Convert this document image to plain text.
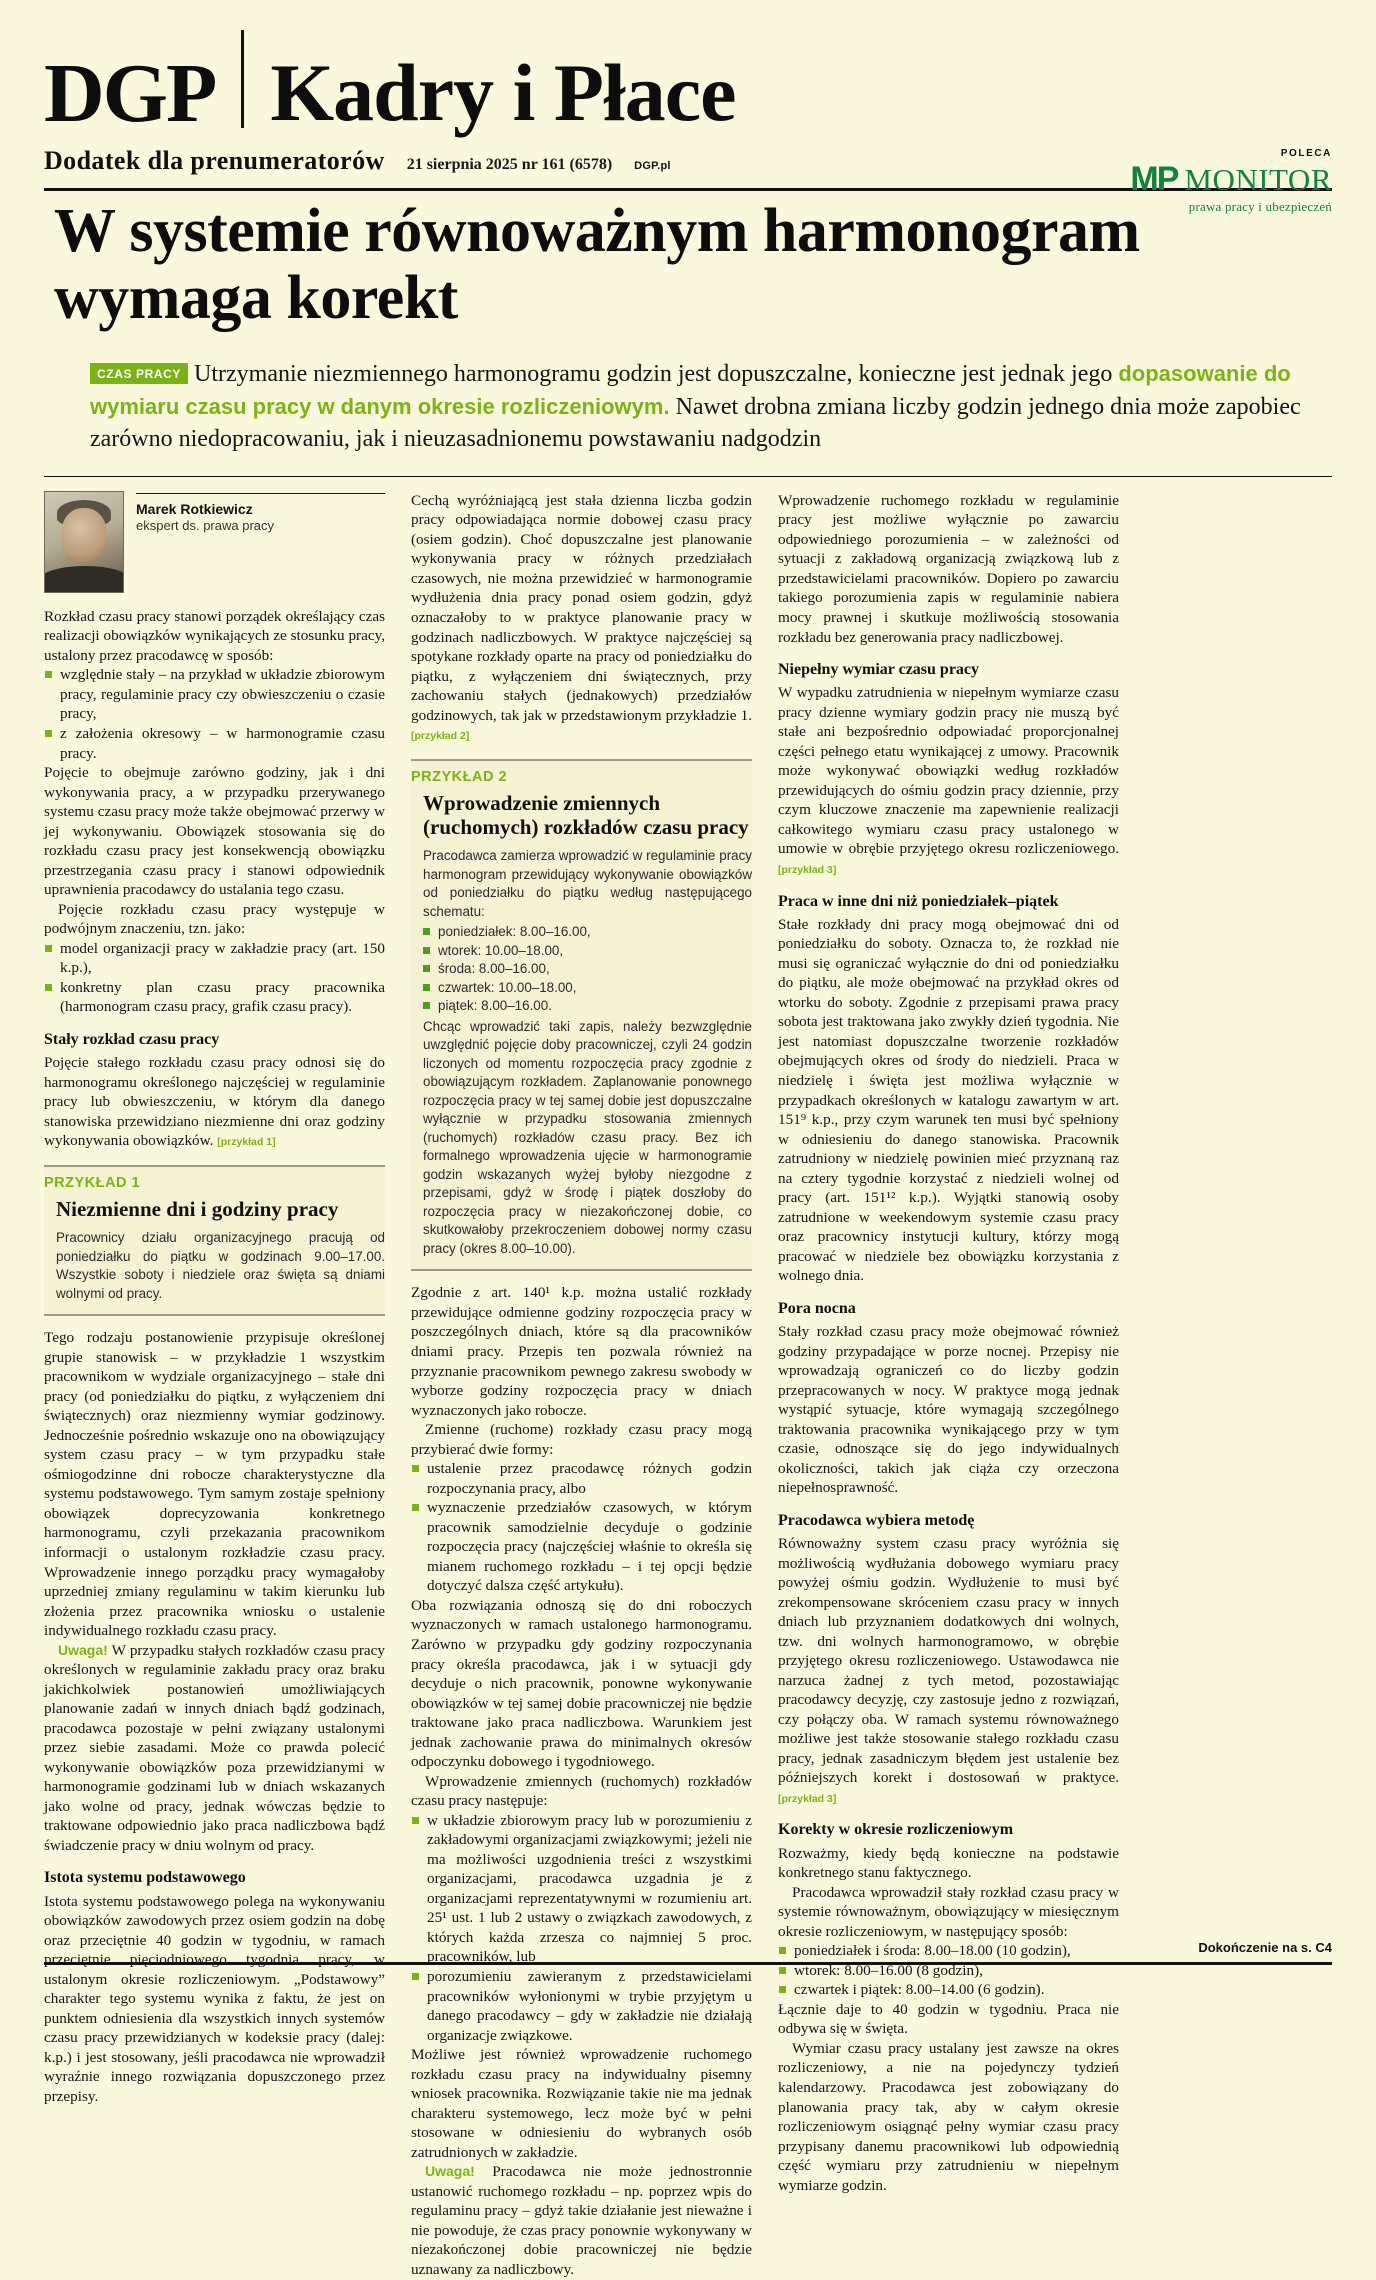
DGP Kadry i Płace
Dodatek dla prenumeratorów 21 sierpnia 2025 nr 161 (6578) DGP.pl
POLECA
MP MONITOR
prawa pracy i ubezpieczeń
W systemie równoważnym harmonogram wymaga korekt
CZAS PRACY Utrzymanie niezmiennego harmonogramu godzin jest dopuszczalne, konieczne jest jednak jego dopasowanie do wymiaru czasu pracy w danym okresie rozliczeniowym. Nawet drobna zmiana liczby godzin jednego dnia może zapobiec zarówno niedopracowaniu, jak i nieuzasadnionemu powstawaniu nadgodzin
Marek Rotkiewicz
ekspert ds. prawa pracy

Rozkład czasu pracy stanowi porządek określający czas realizacji obowiązków wynikających ze stosunku pracy, ustalony przez pracodawcę w sposób:

względnie stały – na przykład w układzie zbiorowym pracy, regulaminie pracy czy obwieszczeniu o czasie pracy,
z założenia okresowy – w harmonogramie czasu pracy.

Pojęcie to obejmuje zarówno godziny, jak i dni wykonywania pracy, a w przypadku przerywanego systemu czasu pracy może także obejmować przerwy w jej wykonywaniu. Obowiązek stosowania się do rozkładu czasu pracy jest konsekwencją obowiązku przestrzegania czasu pracy i stanowi odpowiednik uprawnienia pracodawcy do ustalania tego czasu.

Pojęcie rozkładu czasu pracy występuje w podwójnym znaczeniu, tzn. jako:

model organizacji pracy w zakładzie pracy (art. 150 k.p.),
konkretny plan czasu pracy pracownika (harmonogram czasu pracy, grafik czasu pracy).
Stały rozkład czasu pracy

Pojęcie stałego rozkładu czasu pracy odnosi się do harmonogramu określonego najczęściej w regulaminie pracy lub obwieszczeniu, w którym dla danego stanowiska przewidziano niezmienne dni oraz godziny wykonywania obowiązków. [przykład 1]

PRZYKŁAD 1
Niezmienne dni i godziny pracy

Pracownicy działu organizacyjnego pracują od poniedziałku do piątku w godzinach 9.00–17.00. Wszystkie soboty i niedziele oraz święta są dniami wolnymi od pracy.

Tego rodzaju postanowienie przypisuje określonej grupie stanowisk – w przykładzie 1 wszystkim pracownikom w wydziale organizacyjnego – stałe dni pracy (od poniedziałku do piątku, z wyłączeniem dni świątecznych) oraz niezmienny wymiar godzinowy. Jednocześnie pośrednio wskazuje ono na obowiązujący system czasu pracy – w tym przypadku stałe ośmiogodzinne dni robocze charakterystyczne dla systemu podstawowego. Tym samym zostaje spełniony obowiązek doprecyzowania konkretnego harmonogramu, czyli przekazania pracownikom informacji o ustalonym rozkładzie czasu pracy. Wprowadzenie innego porządku pracy wymagałoby uprzedniej zmiany regulaminu w takim kierunku lub złożenia przez pracownika wniosku o ustalenie indywidualnego rozkładu czasu pracy.

Uwaga! W przypadku stałych rozkładów czasu pracy określonych w regulaminie zakładu pracy oraz braku jakichkolwiek postanowień umożliwiających planowanie zadań w innych dniach bądź godzinach, pracodawca pozostaje w pełni związany ustalonymi przez siebie zasadami. Może co prawda polecić wykonywanie obowiązków poza przewidzianymi w harmonogramie godzinami lub w dniach wskazanych jako wolne od pracy, jednak wówczas będzie to traktowane odpowiednio jako praca nadliczbowa bądź świadczenie pracy w dniu wolnym od pracy.

Istota systemu podstawowego

Istota systemu podstawowego polega na wykonywaniu obowiązków zawodowych przez osiem godzin na dobę oraz przeciętnie 40 godzin w tygodniu, w ramach przeciętnie pięciodniowego tygodnia pracy, w ustalonym okresie rozliczeniowym. „Podstawowy” charakter tego systemu wynika z faktu, że jest on punktem odniesienia dla wszystkich innych systemów czasu pracy przewidzianych w kodeksie pracy (dalej: k.p.) i jest stosowany, jeśli pracodawca nie wprowadził wyraźnie innego rozwiązania dopuszczonego przez przepisy.

Cechą wyróżniającą jest stała dzienna liczba godzin pracy odpowiadająca normie dobowej czasu pracy (osiem godzin). Choć dopuszczalne jest planowanie wykonywania pracy w różnych przedziałach czasowych, nie można przewidzieć w harmonogramie wydłużenia dnia pracy ponad osiem godzin, gdyż oznaczałoby to w praktyce planowanie pracy w godzinach nadliczbowych. W praktyce najczęściej są spotykane rozkłady oparte na pracy od poniedziałku do piątku, z wyłączeniem dni świątecznych, przy zachowaniu stałych (jednakowych) przedziałów godzinowych, tak jak w przedstawionym przykładzie 1. [przykład 2]

PRZYKŁAD 2
Wprowadzenie zmiennych (ruchomych) rozkładów czasu pracy

Pracodawca zamierza wprowadzić w regulaminie pracy harmonogram przewidujący wykonywanie obowiązków od poniedziałku do piątku według następującego schematu:

poniedziałek: 8.00–16.00,
wtorek: 10.00–18.00,
środa: 8.00–16.00,
czwartek: 10.00–18.00,
piątek: 8.00–16.00.

Chcąc wprowadzić taki zapis, należy bezwzględnie uwzględnić pojęcie doby pracowniczej, czyli 24 godzin liczonych od momentu rozpoczęcia pracy zgodnie z obowiązującym rozkładem. Zaplanowanie ponownego rozpoczęcia pracy w tej samej dobie jest dopuszczalne wyłącznie w przypadku stosowania zmiennych (ruchomych) rozkładów czasu pracy. Bez ich formalnego wprowadzenia ujęcie w harmonogramie godzin wskazanych wyżej byłoby niezgodne z przepisami, gdyż w środę i piątek doszłoby do rozpoczęcia pracy w niezakończonej dobie, co skutkowałoby przekroczeniem dobowej normy czasu pracy (okres 8.00–10.00).

Zgodnie z art. 140¹ k.p. można ustalić rozkłady przewidujące odmienne godziny rozpoczęcia pracy w poszczególnych dniach, które są dla pracowników dniami pracy. Przepis ten pozwala również na przyznanie pracownikom pewnego zakresu swobody w wyborze godziny rozpoczęcia pracy w dniach wyznaczonych jako robocze.

Zmienne (ruchome) rozkłady czasu pracy mogą przybierać dwie formy:

ustalenie przez pracodawcę różnych godzin rozpoczynania pracy, albo
wyznaczenie przedziałów czasowych, w którym pracownik samodzielnie decyduje o godzinie rozpoczęcia pracy (najczęściej właśnie to określa się mianem ruchomego rozkładu – i tej opcji będzie dotyczyć dalsza część artykułu).

Oba rozwiązania odnoszą się do dni roboczych wyznaczonych w ramach ustalonego harmonogramu. Zarówno w przypadku gdy godziny rozpoczynania pracy określa pracodawca, jak i w sytuacji gdy decyduje o nich pracownik, ponowne wykonywanie obowiązków w tej samej dobie pracowniczej nie będzie traktowane jako praca nadliczbowa. Warunkiem jest jednak zachowanie prawa do minimalnych okresów odpoczynku dobowego i tygodniowego.

Wprowadzenie zmiennych (ruchomych) rozkładów czasu pracy następuje:

w układzie zbiorowym pracy lub w porozumieniu z zakładowymi organizacjami związkowymi; jeżeli nie ma możliwości uzgodnienia treści z wszystkimi organizacjami, pracodawca uzgadnia je z organizacjami reprezentatywnymi w rozumieniu art. 25¹ ust. 1 lub 2 ustawy o związkach zawodowych, z których każda zrzesza co najmniej 5 proc. pracowników, lub
porozumieniu zawieranym z przedstawicielami pracowników wyłonionymi w trybie przyjętym u danego pracodawcy – gdy w zakładzie nie działają organizacje związkowe.

Możliwe jest również wprowadzenie ruchomego rozkładu czasu pracy na indywidualny pisemny wniosek pracownika. Rozwiązanie takie nie ma jednak charakteru systemowego, lecz może być w pełni stosowane w odniesieniu do wybranych osób zatrudnionych w zakładzie.

Uwaga! Pracodawca nie może jednostronnie ustanowić ruchomego rozkładu – np. poprzez wpis do regulaminu pracy – gdyż takie działanie jest nieważne i nie powoduje, że czas pracy ponownie wykonywany w niezakończonej dobie pracowniczej nie będzie uznawany za nadliczbowy.

Wprowadzenie ruchomego rozkładu w regulaminie pracy jest możliwe wyłącznie po zawarciu odpowiedniego porozumienia – w zależności od sytuacji z zakładową organizacją związkową lub z przedstawicielami pracowników. Dopiero po zawarciu takiego porozumienia zapis w regulaminie nabiera mocy prawnej i skutkuje możliwością stosowania rozkładu bez generowania pracy nadliczbowej.

Niepełny wymiar czasu pracy

W wypadku zatrudnienia w niepełnym wymiarze czasu pracy dzienne wymiary godzin pracy nie muszą być stałe ani bezpośrednio odpowiadać proporcjonalnej części pełnego etatu wynikającej z umowy. Pracownik może wykonywać obowiązki według rozkładów przewidujących do ośmiu godzin pracy dziennie, przy czym kluczowe znaczenie ma zapewnienie realizacji całkowitego wymiaru czasu pracy ustalonego w umowie w obrębie przyjętego okresu rozliczeniowego. [przykład 3]

Praca w inne dni niż poniedziałek–piątek

Stałe rozkłady dni pracy mogą obejmować dni od poniedziałku do soboty. Oznacza to, że rozkład nie musi się ograniczać wyłącznie do dni od poniedziałku do piątku, ale może obejmować na przykład okres od wtorku do soboty. Zgodnie z przepisami prawa pracy sobota jest traktowana jako zwykły dzień tygodnia. Nie jest natomiast dopuszczalne tworzenie rozkładów obejmujących okres od środy do niedzieli. Praca w niedzielę i święta jest możliwa wyłącznie w przypadkach określonych w katalogu zawartym w art. 151⁹ k.p., przy czym warunek ten musi być spełniony w odniesieniu do danego stanowiska. Pracownik zatrudniony w niedzielę powinien mieć przyznaną raz na cztery tygodnie korzystać z niedzieli wolnej od pracy (art. 151¹² k.p.). Wyjątki stanowią osoby zatrudnione w weekendowym systemie czasu pracy oraz pracownicy instytucji kultury, którzy mogą pracować w niedziele bez obowiązku korzystania z wolnego dnia.

Pora nocna

Stały rozkład czasu pracy może obejmować również godziny przypadające w porze nocnej. Przepisy nie wprowadzają ograniczeń co do liczby godzin przepracowanych w nocy. W praktyce mogą jednak wystąpić sytuacje, które wymagają szczególnego traktowania pracownika wynikającego przy w tym czasie, odnoszące się do jego indywidualnych okoliczności, takich jak ciąża czy orzeczona niepełnosprawność.

Pracodawca wybiera metodę

Równoważny system czasu pracy wyróżnia się możliwością wydłużania dobowego wymiaru pracy powyżej ośmiu godzin. Wydłużenie to musi być zrekompensowane skróceniem czasu pracy w innych dniach lub przyznaniem dodatkowych dni wolnych, tzw. dni wolnych harmonogramowo, w obrębie przyjętego okresu rozliczeniowego. Ustawodawca nie narzuca żadnej z tych metod, pozostawiając pracodawcy decyzję, czy zastosuje jedno z rozwiązań, czy połączy oba. W ramach systemu równoważnego możliwe jest także stosowanie stałego rozkładu czasu pracy, jednak zasadniczym błędem jest ustalenie bez późniejszych korekt i dostosowań w praktyce. [przykład 3]

Korekty w okresie rozliczeniowym

Rozważmy, kiedy będą konieczne na podstawie konkretnego stanu faktycznego.

Pracodawca wprowadził stały rozkład czasu pracy w systemie równoważnym, obowiązujący w miesięcznym okresie rozliczeniowym, w następujący sposób:

poniedziałek i środa: 8.00–18.00 (10 godzin),
wtorek: 8.00–16.00 (8 godzin),
czwartek i piątek: 8.00–14.00 (6 godzin).

Łącznie daje to 40 godzin w tygodniu. Praca nie odbywa się w święta.

Wymiar czasu pracy ustalany jest zawsze na okres rozliczeniowy, a nie na pojedynczy tydzień kalendarzowy. Pracodawca jest zobowiązany do planowania pracy tak, aby w całym okresie rozliczeniowym osiągnąć pełny wymiar czasu pracy przypisany danemu pracownikowi lub odpowiednią część wymiaru przy zatrudnieniu w niepełnym wymiarze godzin.

Dokończenie na s. C4
